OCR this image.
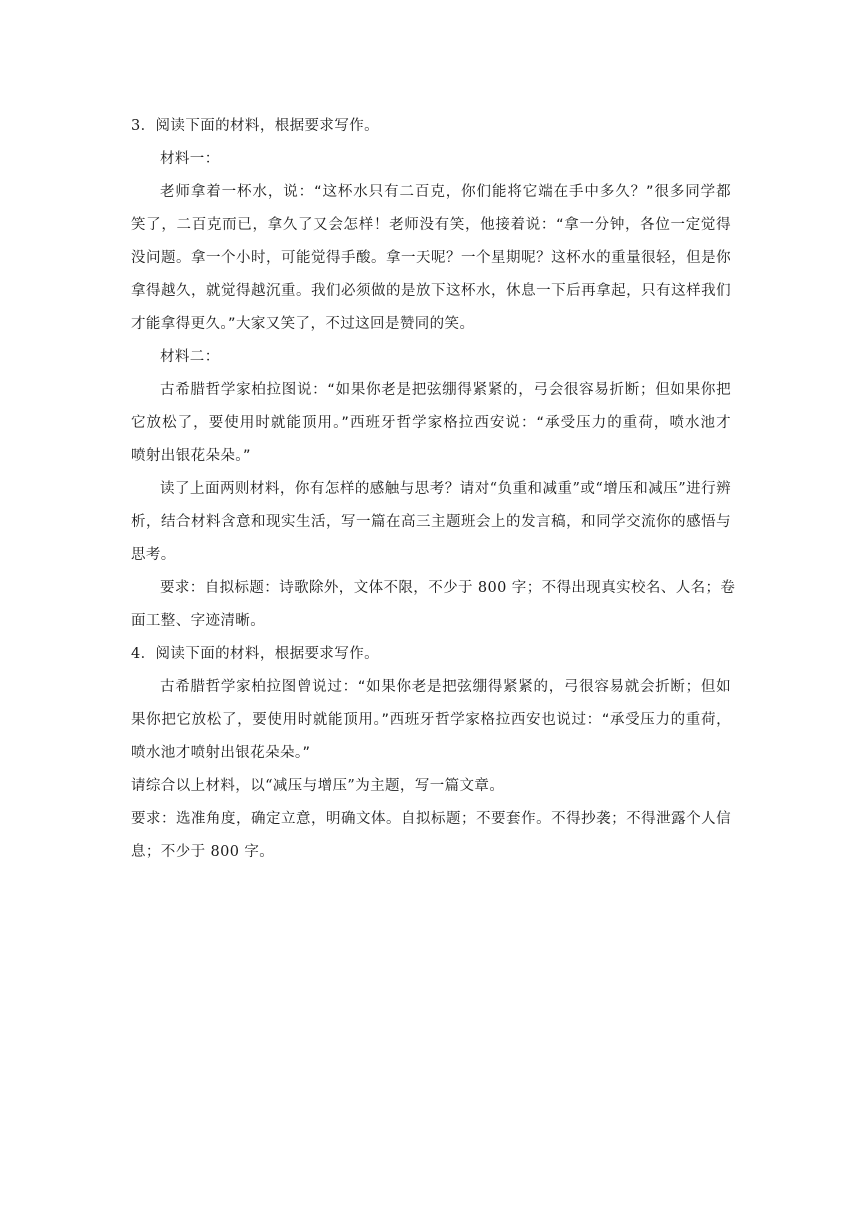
3．阅读下面的材料，根据要求写作。
材料一：
老师拿着一杯水，说：“这杯水只有二百克，你们能将它端在手中多久？”很多同学都
笑了，二百克而已，拿久了又会怎样！老师没有笑，他接着说：“拿一分钟，各位一定觉得
没问题。拿一个小时，可能觉得手酸。拿一天呢？一个星期呢？这杯水的重量很轻，但是你
拿得越久，就觉得越沉重。我们必须做的是放下这杯水，休息一下后再拿起，只有这样我们
才能拿得更久。”大家又笑了，不过这回是赞同的笑。
材料二：
古希腊哲学家柏拉图说：“如果你老是把弦绷得紧紧的，弓会很容易折断；但如果你把
它放松了，要使用时就能顶用。”西班牙哲学家格拉西安说：“承受压力的重荷，喷水池才
喷射出银花朵朵。”
读了上面两则材料，你有怎样的感触与思考？请对“负重和减重”或“增压和减压”进行辨
析，结合材料含意和现实生活，写一篇在高三主题班会上的发言稿，和同学交流你的感悟与
思考。
要求：自拟标题：诗歌除外，文体不限，不少于 800 字；不得出现真实校名、人名；卷
面工整、字迹清晰。
4．阅读下面的材料，根据要求写作。
古希腊哲学家柏拉图曾说过：“如果你老是把弦绷得紧紧的，弓很容易就会折断；但如
果你把它放松了，要使用时就能顶用。”西班牙哲学家格拉西安也说过：“承受压力的重荷，
喷水池才喷射出银花朵朵。”
请综合以上材料，以“减压与增压”为主题，写一篇文章。
要求：选准角度，确定立意，明确文体。自拟标题；不要套作。不得抄袭；不得泄露个人信
息；不少于 800 字。
